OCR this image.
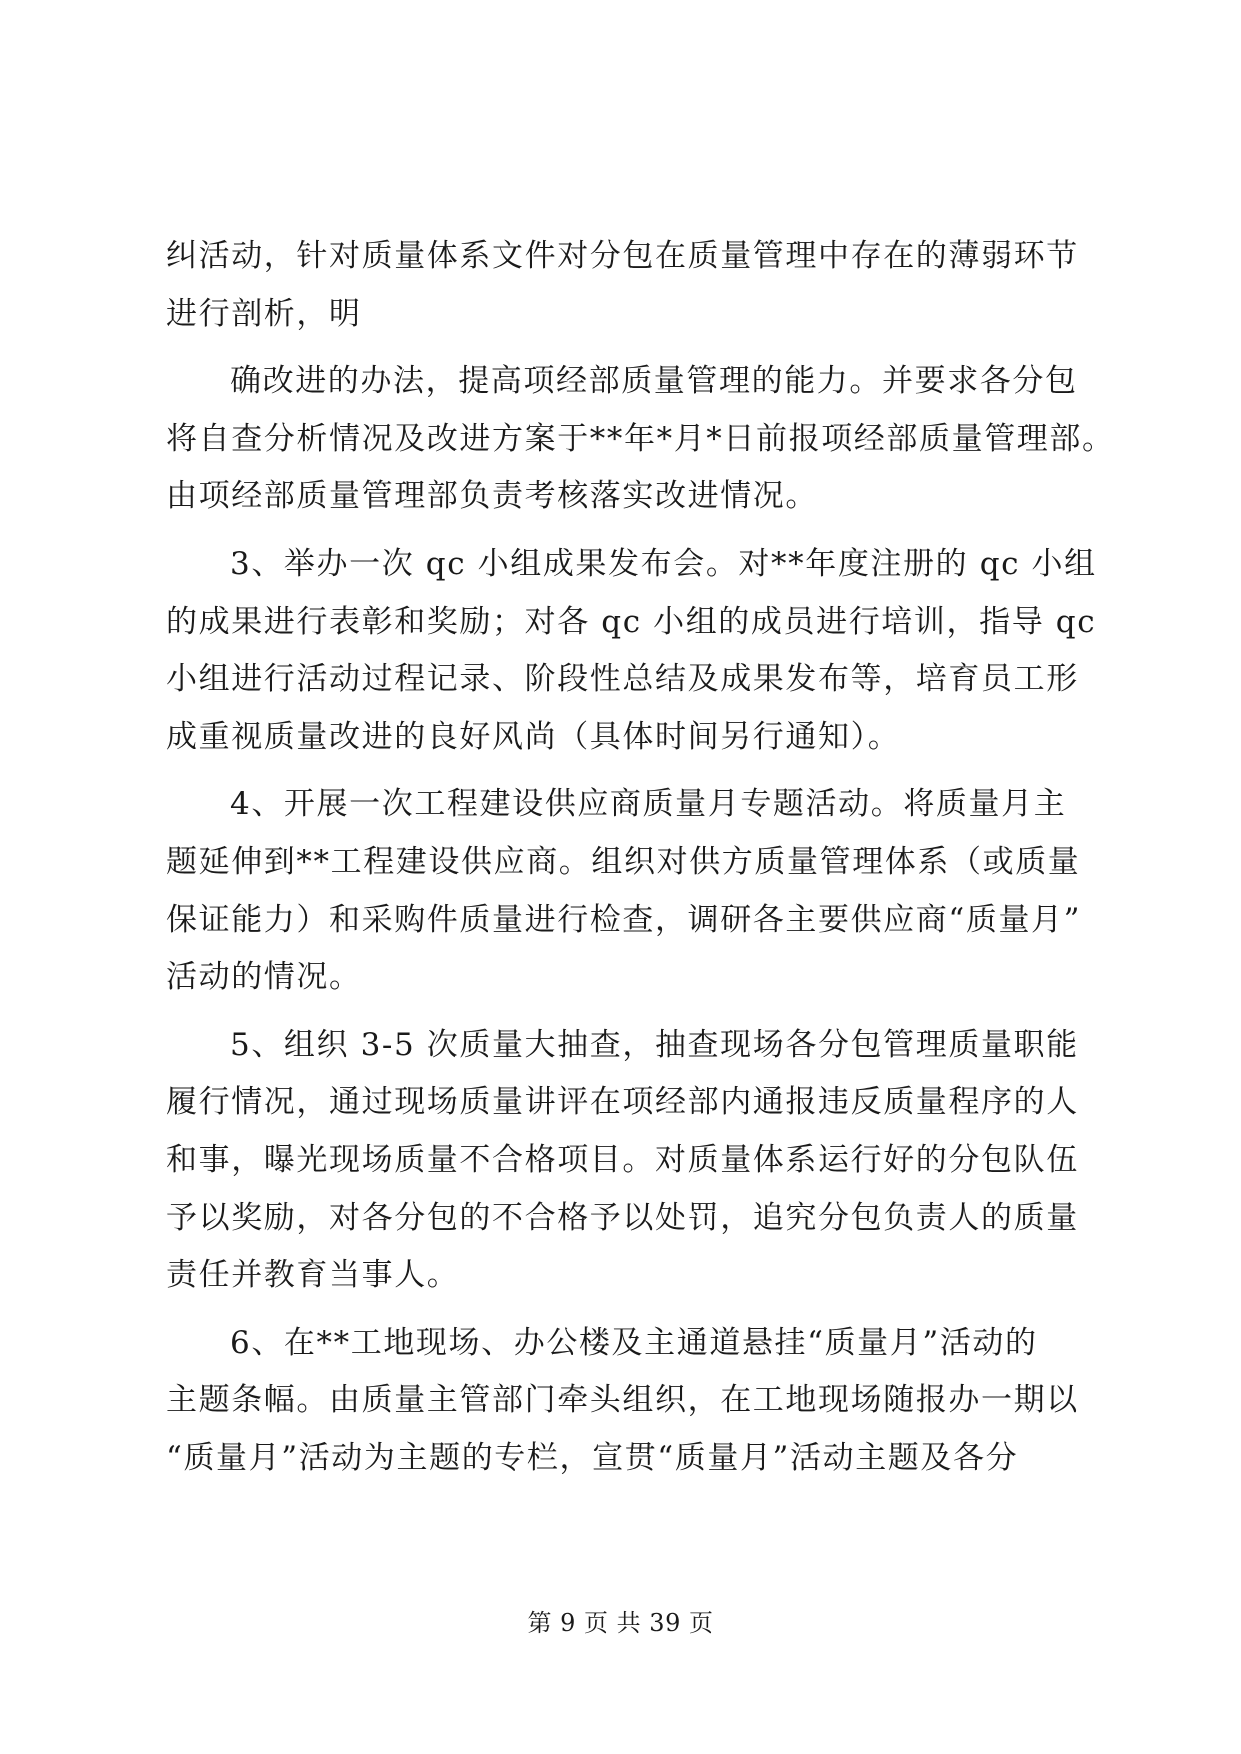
纠活动，针对质量体系文件对分包在质量管理中存在的薄弱环节
进行剖析，明

确改进的办法，提高项经部质量管理的能力。并要求各分包
将自查分析情况及改进方案于**年*月*日前报项经部质量管理部。
由项经部质量管理部负责考核落实改进情况。

3、举办一次 qc 小组成果发布会。对**年度注册的 qc 小组
的成果进行表彰和奖励；对各 qc 小组的成员进行培训，指导 qc
小组进行活动过程记录、阶段性总结及成果发布等，培育员工形
成重视质量改进的良好风尚（具体时间另行通知）。

4、开展一次工程建设供应商质量月专题活动。将质量月主
题延伸到**工程建设供应商。组织对供方质量管理体系（或质量
保证能力）和采购件质量进行检查，调研各主要供应商“质量月”
活动的情况。

5、组织 3-5 次质量大抽查，抽查现场各分包管理质量职能
履行情况，通过现场质量讲评在项经部内通报违反质量程序的人
和事，曝光现场质量不合格项目。对质量体系运行好的分包队伍
予以奖励，对各分包的不合格予以处罚，追究分包负责人的质量
责任并教育当事人。

6、在**工地现场、办公楼及主通道悬挂“质量月”活动的
主题条幅。由质量主管部门牵头组织，在工地现场随报办一期以
“质量月”活动为主题的专栏，宣贯“质量月”活动主题及各分

第 9 页 共 39 页
